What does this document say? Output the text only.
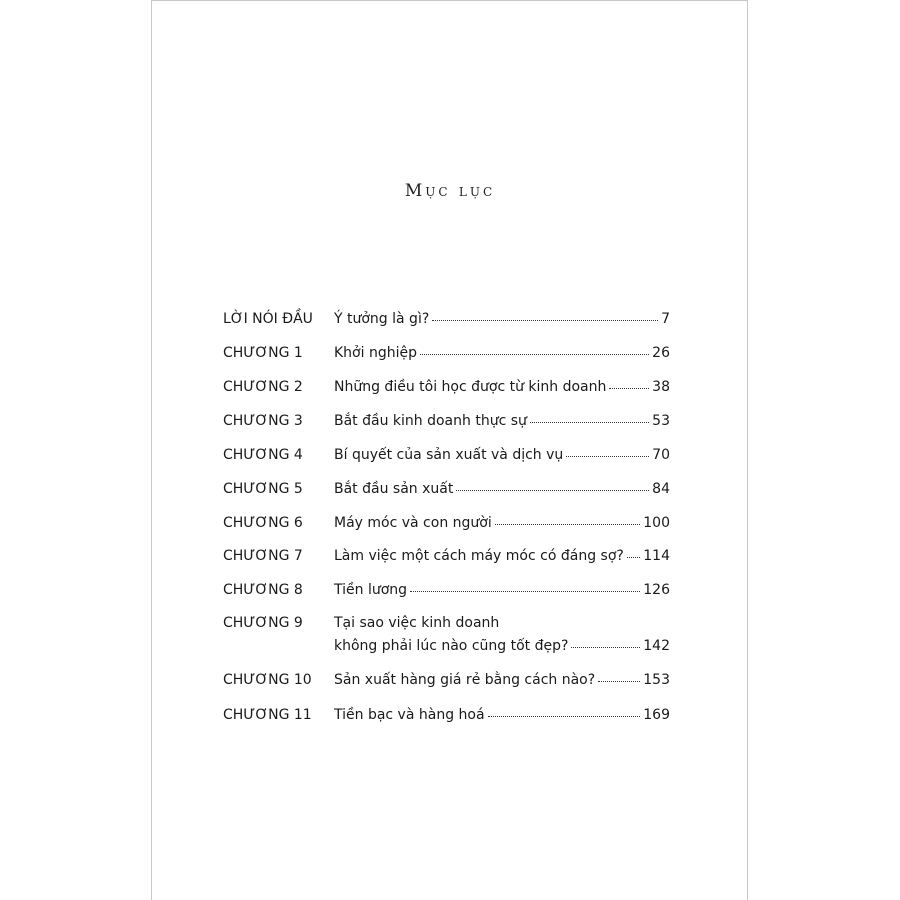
Mục lục
LỜI NÓI ĐẦU Ý tưởng là gì?	7
CHƯƠNG 1 Khởi nghiệp	26
CHƯƠNG 2 Những điều tôi học được từ kinh doanh	38
CHƯƠNG 3 Bắt đầu kinh doanh thực sự	53
CHƯƠNG 4 Bí quyết của sản xuất và dịch vụ	70
CHƯƠNG 5 Bắt đầu sản xuất	84
CHƯƠNG 6 Máy móc và con người	100
CHƯƠNG 7 Làm việc một cách máy móc có đáng sợ? 114
CHƯƠNG 8 Tiền lương	126
CHƯƠNG 9 Tại sao việc kinh doanh
không phải lúc nào cũng tốt đẹp?	142
CHƯƠNG 10 Sản xuất hàng giá rẻ bằng cách nào?	153
CHƯƠNG 11 Tiền bạc và hàng hoá	169
